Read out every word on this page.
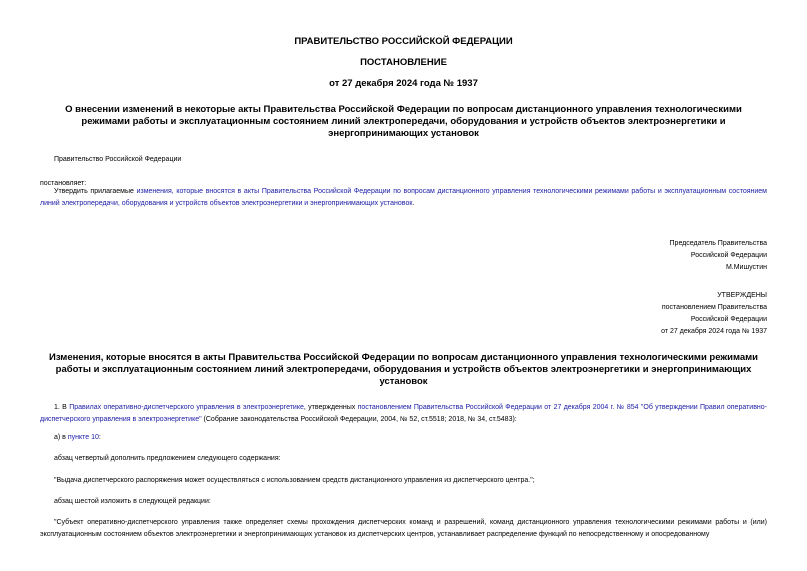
ПРАВИТЕЛЬСТВО РОССИЙСКОЙ ФЕДЕРАЦИИ
ПОСТАНОВЛЕНИЕ
от 27 декабря 2024 года № 1937
О внесении изменений в некоторые акты Правительства Российской Федерации по вопросам дистанционного управления технологическими режимами работы и эксплуатационным состоянием линий электропередачи, оборудования и устройств объектов электроэнергетики и энергопринимающих установок
Правительство Российской Федерации
постановляет:
Утвердить прилагаемые изменения, которые вносятся в акты Правительства Российской Федерации по вопросам дистанционного управления технологическими режимами работы и эксплуатационным состоянием линий электропередачи, оборудования и устройств объектов электроэнергетики и энергопринимающих установок.
Председатель Правительства
Российской Федерации
М.Мишустин
УТВЕРЖДЕНЫ
постановлением Правительства
Российской Федерации
от 27 декабря 2024 года № 1937
Изменения, которые вносятся в акты Правительства Российской Федерации по вопросам дистанционного управления технологическими режимами работы и эксплуатационным состоянием линий электропередачи, оборудования и устройств объектов электроэнергетики и энергопринимающих установок
1. В Правилах оперативно-диспетчерского управления в электроэнергетике, утвержденных постановлением Правительства Российской Федерации от 27 декабря 2004 г. № 854 "Об утверждении Правил оперативно-диспетчерского управления в электроэнергетике" (Собрание законодательства Российской Федерации, 2004, № 52, ст.5518; 2018, № 34, ст.5483):
а) в пункте 10:
абзац четвертый дополнить предложением следующего содержания:
"Выдача диспетчерского распоряжения может осуществляться с использованием средств дистанционного управления из диспетчерского центра.";
абзац шестой изложить в следующей редакции:
"Субъект оперативно-диспетчерского управления также определяет схемы прохождения диспетчерских команд и разрешений, команд дистанционного управления технологическими режимами работы и (или) эксплуатационным состоянием объектов электроэнергетики и энергопринимающих установок из диспетчерских центров, устанавливает распределение функций по непосредственному и опосредованному
